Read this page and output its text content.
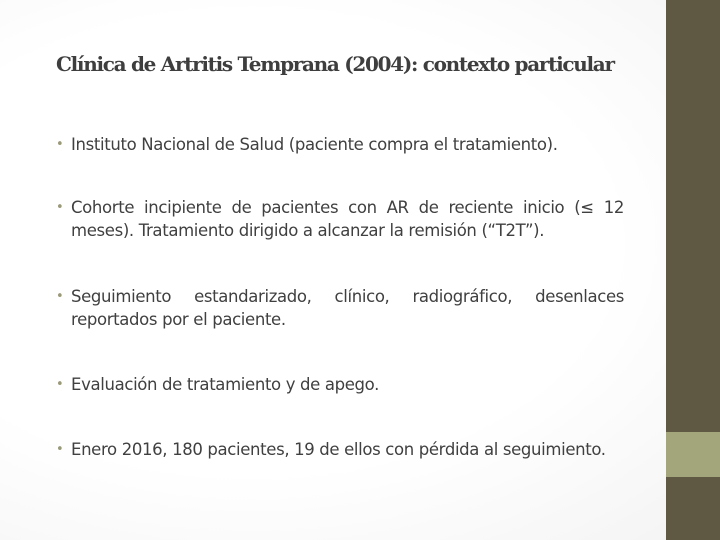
Clínica de Artritis Temprana (2004): contexto particular
• Instituto Nacional de Salud (paciente compra el tratamiento).
• Cohorte incipiente de pacientes con AR de reciente inicio (≤ 12 meses). Tratamiento dirigido a alcanzar la remisión (“T2T”).
• Seguimiento estandarizado, clínico, radiográfico, desenlaces reportados por el paciente.
• Evaluación de tratamiento y de apego.
• Enero 2016, 180 pacientes, 19 de ellos con pérdida al seguimiento.
